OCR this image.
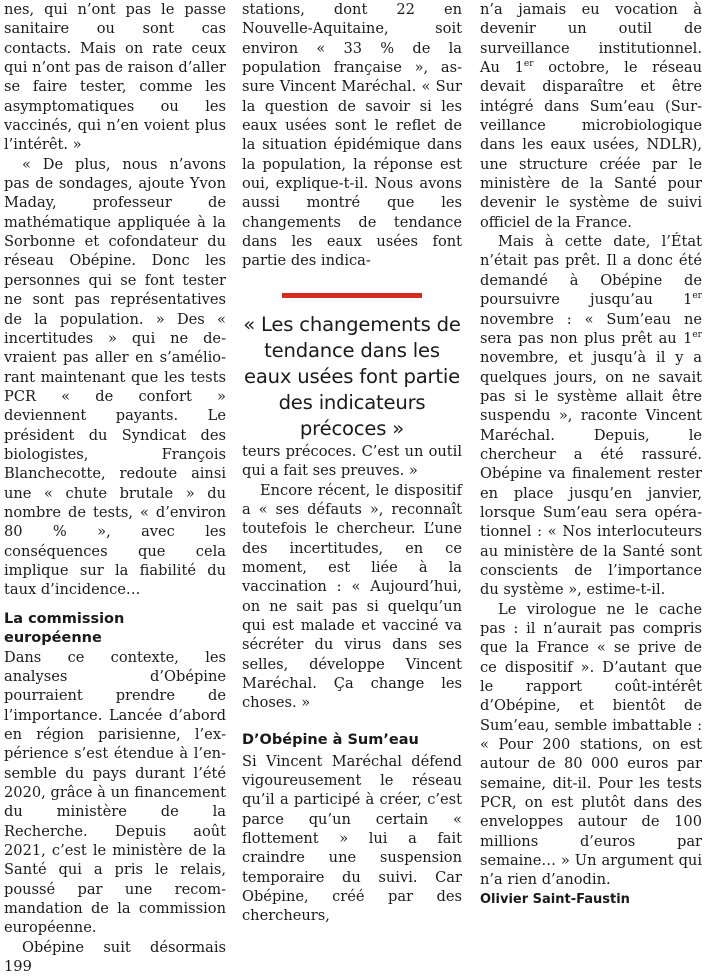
nes, qui n’ont pas le passe sanitaire ou sont cas contacts. Mais on rate ceux qui n’ont pas de raison d’aller se faire tester, comme les asymptomatiques ou les vaccinés, qui n’en voient plus l’intérêt. »

« De plus, nous n’avons pas de sondages, ajoute Yvon Maday, professeur de mathématique appliquée à la Sorbonne et cofondateur du réseau Obépine. Donc les personnes qui se font tester ne sont pas représentatives de la population. » Des « incertitudes » qui ne devraient pas aller en s’améliorant maintenant que les tests PCR « de confort » deviennent payants. Le président du Syndicat des biologistes, François Blanchecotte, redoute ainsi une « chute brutale » du nombre de tests, « d’environ 80 % », avec les conséquences que cela implique sur la fiabilité du taux d’incidence…

La commission européenne

Dans ce contexte, les analyses d’Obépine pourraient prendre de l’importance. Lancée d’abord en région parisienne, l’expérience s’est étendue à l’ensemble du pays durant l’été 2020, grâce à un financement du ministère de la Recherche. Depuis août 2021, c’est le ministère de la Santé qui a pris le relais, poussé par une recommandation de la commission européenne.

Obépine suit désormais 199

stations, dont 22 en Nouvelle-Aquitaine, soit environ « 33 % de la population française », assure Vincent Maréchal. « Sur la question de savoir si les eaux usées sont le reflet de la situation épidémique dans la population, la réponse est oui, explique-t-il. Nous avons aussi montré que les changements de tendance dans les eaux usées font partie des indica-

« Les changements de tendance dans les eaux usées font partie des indicateurs précoces »

teurs précoces. C’est un outil qui a fait ses preuves. »

Encore récent, le dispositif a « ses défauts », reconnaît toutefois le chercheur. L’une des incertitudes, en ce moment, est liée à la vaccination : « Aujourd’hui, on ne sait pas si quelqu’un qui est malade et vacciné va sécréter du virus dans ses selles, développe Vincent Maréchal. Ça change les choses. »

D’Obépine à Sum’eau

Si Vincent Maréchal défend vigoureusement le réseau qu’il a participé à créer, c’est parce qu’un certain « flottement » lui a fait craindre une suspension temporaire du suivi. Car Obépine, créé par des chercheurs,

n’a jamais eu vocation à devenir un outil de surveillance institutionnel. Au 1er octobre, le réseau devait disparaître et être intégré dans Sum’eau (Surveillance microbiologique dans les eaux usées, NDLR), une structure créée par le ministère de la Santé pour devenir le système de suivi officiel de la France.

Mais à cette date, l’État n’était pas prêt. Il a donc été demandé à Obépine de poursuivre jusqu’au 1er novembre : « Sum’eau ne sera pas non plus prêt au 1er novembre, et jusqu’à il y a quelques jours, on ne savait pas si le système allait être suspendu », raconte Vincent Maréchal. Depuis, le chercheur a été rassuré. Obépine va finalement rester en place jusqu’en janvier, lorsque Sum’eau sera opérationnel : « Nos interlocuteurs au ministère de la Santé sont conscients de l’importance du système », estime-t-il.

Le virologue ne le cache pas : il n’aurait pas compris que la France « se prive de ce dispositif ». D’autant que le rapport coût-intérêt d’Obépine, et bientôt de Sum’eau, semble imbattable : « Pour 200 stations, on est autour de 80 000 euros par semaine, dit-il. Pour les tests PCR, on est plutôt dans des enveloppes autour de 100 millions d’euros par semaine… » Un argument qui n’a rien d’anodin.

Olivier Saint-Faustin
